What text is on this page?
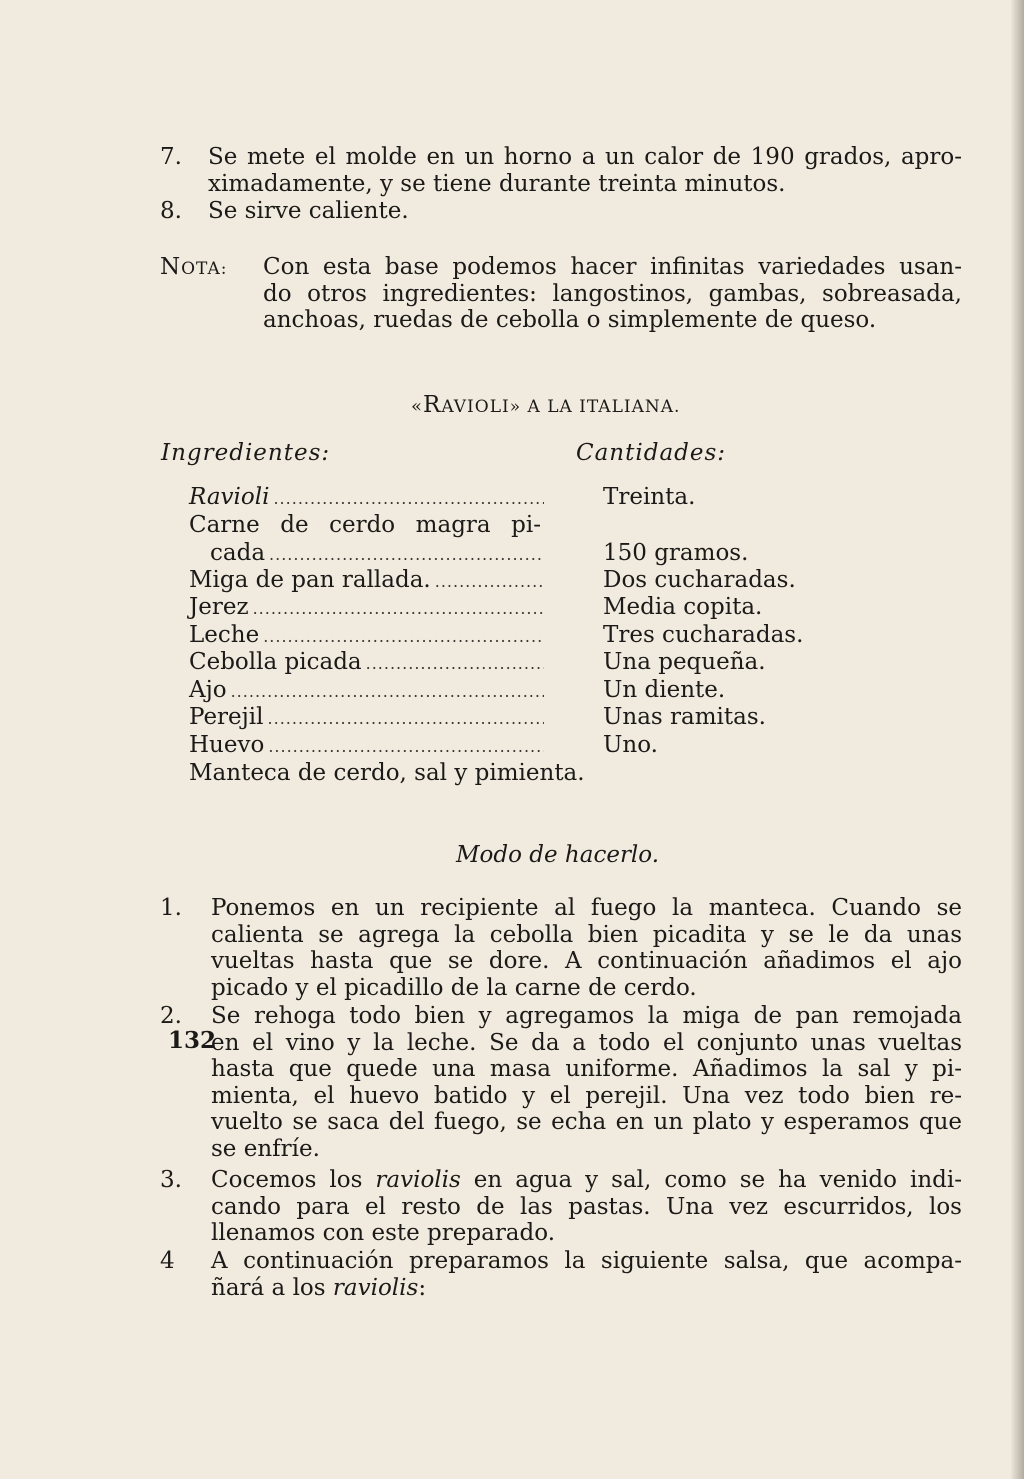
7. Se mete el molde en un horno a un calor de 190 grados, apro-
ximadamente, y se tiene durante treinta minutos.
8. Se sirve caliente.
NOTA: Con esta base podemos hacer infinitas variedades usan-
do otros ingredientes: langostinos, gambas, sobreasada,
anchoas, ruedas de cebolla o simplemente de queso.
«RAVIOLI» A LA ITALIANA.
Ingredientes:	Cantidades:
Ravioli .....	Treinta.
Carne de cerdo magra pi-
cada .....	150 gramos.
Miga de pan rallada. .....	Dos cucharadas.
Jerez .....	Media copita.
Leche .....	Tres cucharadas.
Cebolla picada .....	Una pequeña.
Ajo .....	Un diente.
Perejil .....	Unas ramitas.
Huevo .....	Uno.
Manteca de cerdo, sal y pimienta.
Modo de hacerlo.
1. Ponemos en un recipiente al fuego la manteca. Cuando se
calienta se agrega la cebolla bien picadita y se le da unas
vueltas hasta que se dore. A continuación añadimos el ajo
picado y el picadillo de la carne de cerdo.
2. Se rehoga todo bien y agregamos la miga de pan remojada
en el vino y la leche. Se da a todo el conjunto unas vueltas
hasta que quede una masa uniforme. Añadimos la sal y pi-
mienta, el huevo batido y el perejil. Una vez todo bien re-
vuelto se saca del fuego, se echa en un plato y esperamos que
se enfríe.
3. Cocemos los raviolis en agua y sal, como se ha venido indi-
cando para el resto de las pastas. Una vez escurridos, los
llenamos con este preparado.
4 A continuación preparamos la siguiente salsa, que acompa-
ñará a los raviolis:
132
